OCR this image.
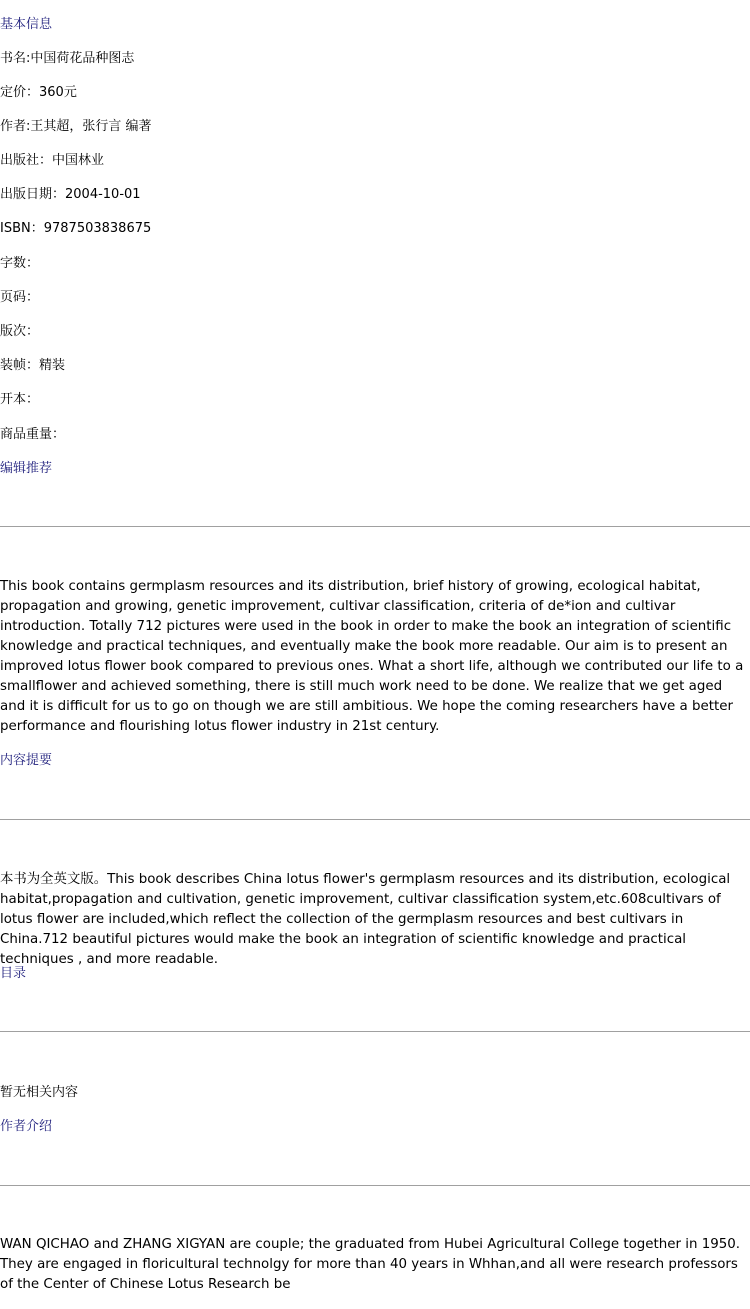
基本信息
书名:中国荷花品种图志
定价：360元
作者:王其超，张行言 编著
出版社：中国林业
出版日期：2004-10-01
ISBN：9787503838675
字数：
页码：
版次：
装帧：精装
开本：
商品重量：
编辑推荐
This book contains germplasm resources and its distribution, brief history of growing, ecological habitat, propagation and growing, genetic improvement, cultivar classification, criteria of de*ion and cultivar introduction. Totally 712 pictures were used in the book in order to make the book an integration of scientific knowledge and practical techniques, and eventually make the book more readable. Our aim is to present an improved lotus flower book compared to previous ones. What a short life, although we contributed our life to a smallflower and achieved something, there is still much work need to be done. We realize that we get aged and it is difficult for us to go on though we are still ambitious. We hope the coming researchers have a better performance and flourishing lotus flower industry in 21st century.
内容提要
本书为全英文版。This book describes China lotus flower's germplasm resources and its distribution, ecological habitat,propagation and cultivation, genetic improvement, cultivar classification system,etc.608cultivars of lotus flower are included,which reflect the collection of the germplasm resources and best cultivars in China.712 beautiful pictures would make the book an integration of scientific knowledge and practical techniques , and more readable.
目录
暂无相关内容
作者介绍
WAN QICHAO and ZHANG XIGYAN are couple; the graduated from Hubei Agricultural College together in 1950. They are engaged in floricultural technolgy for more than 40 years in Whhan,and all were research professors of the Center of Chinese Lotus Research be
